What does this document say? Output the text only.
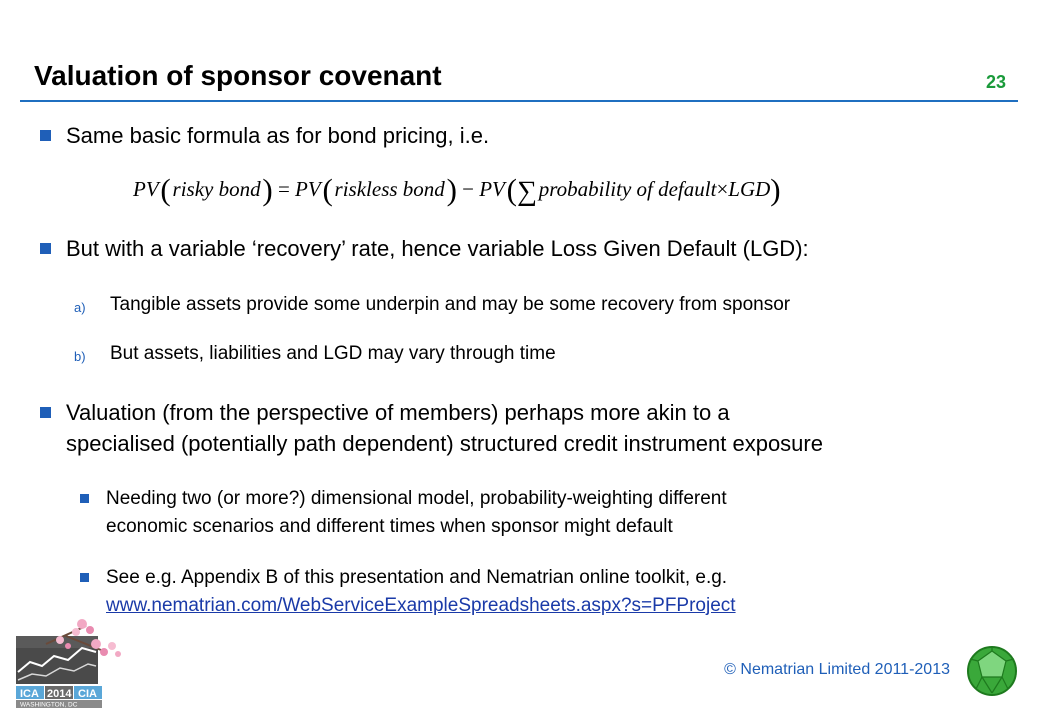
Valuation of sponsor covenant	23
Same basic formula as for bond pricing, i.e.
PV ( risky bond ) = PV ( riskless bond ) − PV (∑ probability of default×LGD)
But with a variable ‘recovery’ rate, hence variable Loss Given Default (LGD):
a) Tangible assets provide some underpin and may be some recovery from sponsor
b) But assets, liabilities and LGD may vary through time
Valuation (from the perspective of members) perhaps more akin to a
specialised (potentially path dependent) structured credit instrument exposure
Needing two (or more?) dimensional model, probability-weighting different
economic scenarios and different times when sponsor might default
See e.g. Appendix B of this presentation and Nematrian online toolkit, e.g.
www.nematrian.com/WebServiceExampleSpreadsheets.aspx?s=PFProject
ICA 2014 CIA
WASHINGTON, DC
© Nematrian Limited 2011-2013
